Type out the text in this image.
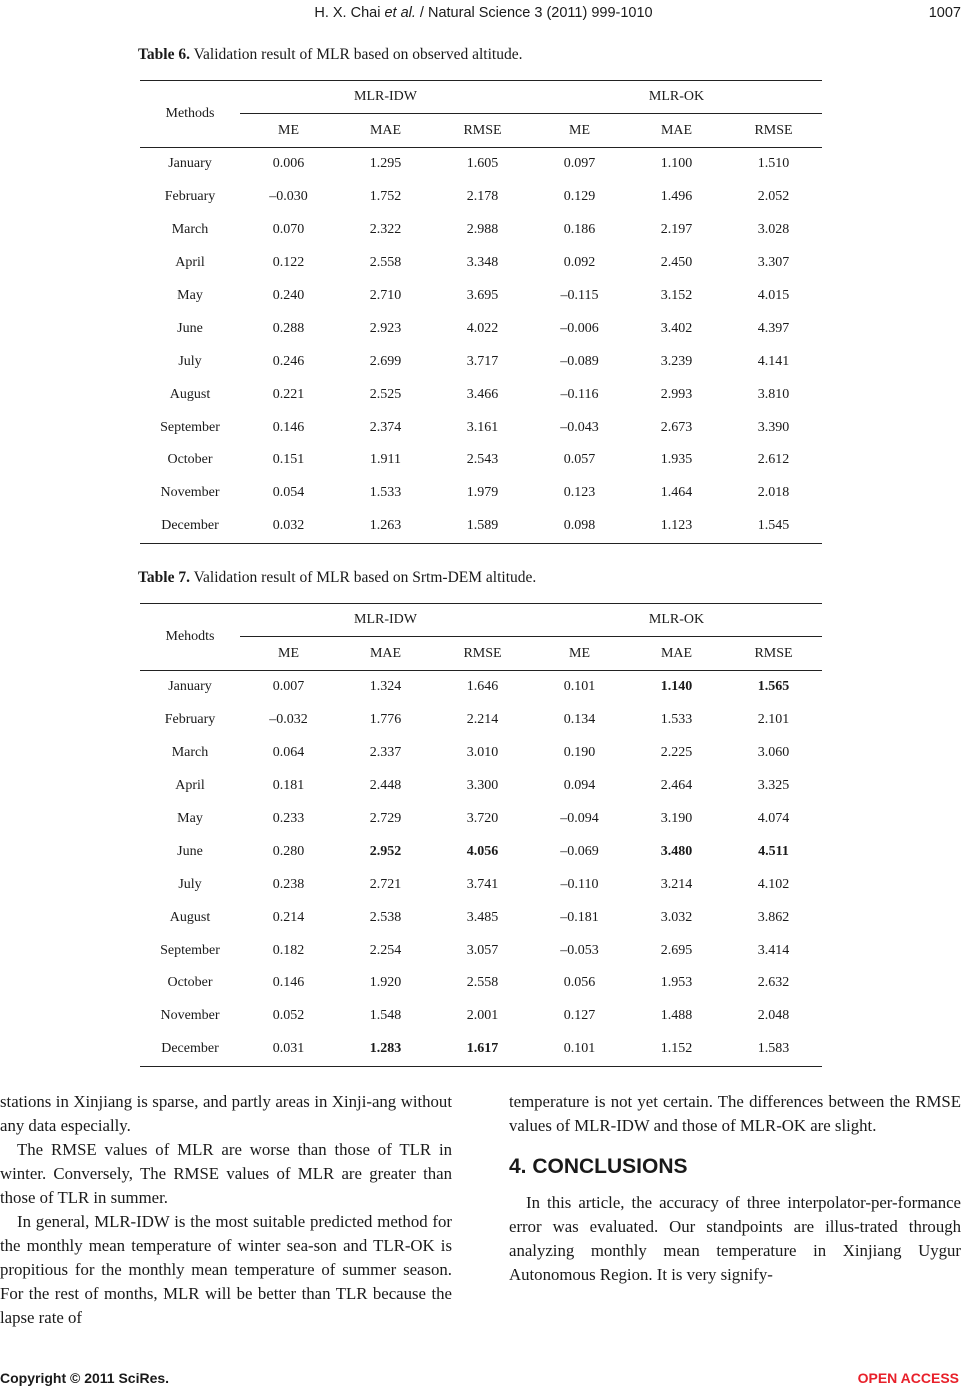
H. X. Chai et al. / Natural Science 3 (2011) 999-1010	1007
Table 6. Validation result of MLR based on observed altitude.
Methods	MLR-IDW			MLR-OK		
	ME	MAE	RMSE	ME	MAE	RMSE
January	0.006	1.295	1.605	0.097	1.100	1.510
February	–0.030	1.752	2.178	0.129	1.496	2.052
March	0.070	2.322	2.988	0.186	2.197	3.028
April	0.122	2.558	3.348	0.092	2.450	3.307
May	0.240	2.710	3.695	–0.115	3.152	4.015
June	0.288	2.923	4.022	–0.006	3.402	4.397
July	0.246	2.699	3.717	–0.089	3.239	4.141
August	0.221	2.525	3.466	–0.116	2.993	3.810
September	0.146	2.374	3.161	–0.043	2.673	3.390
October	0.151	1.911	2.543	0.057	1.935	2.612
November	0.054	1.533	1.979	0.123	1.464	2.018
December	0.032	1.263	1.589	0.098	1.123	1.545
Table 7. Validation result of MLR based on Srtm-DEM altitude.
Mehodts	MLR-IDW			MLR-OK		
	ME	MAE	RMSE	ME	MAE	RMSE
January	0.007	1.324	1.646	0.101	1.140	1.565
February	–0.032	1.776	2.214	0.134	1.533	2.101
March	0.064	2.337	3.010	0.190	2.225	3.060
April	0.181	2.448	3.300	0.094	2.464	3.325
May	0.233	2.729	3.720	–0.094	3.190	4.074
June	0.280	2.952	4.056	–0.069	3.480	4.511
July	0.238	2.721	3.741	–0.110	3.214	4.102
August	0.214	2.538	3.485	–0.181	3.032	3.862
September	0.182	2.254	3.057	–0.053	2.695	3.414
October	0.146	1.920	2.558	0.056	1.953	2.632
November	0.052	1.548	2.001	0.127	1.488	2.048
December	0.031	1.283	1.617	0.101	1.152	1.583

stations in Xinjiang is sparse, and partly areas in Xinji-ang without any data especially.

The RMSE values of MLR are worse than those of TLR in winter. Conversely, The RMSE values of MLR are greater than those of TLR in summer.

In general, MLR-IDW is the most suitable predicted method for the monthly mean temperature of winter sea-son and TLR-OK is propitious for the monthly mean temperature of summer season. For the rest of months, MLR will be better than TLR because the lapse rate of

temperature is not yet certain. The differences between the RMSE values of MLR-IDW and those of MLR-OK are slight.

4. CONCLUSIONS

In this article, the accuracy of three interpolator-per-formance error was evaluated. Our standpoints are illus-trated through analyzing monthly mean temperature in Xinjiang Uygur Autonomous Region. It is very signify-

Copyright © 2011 SciRes.	OPEN ACCESS
